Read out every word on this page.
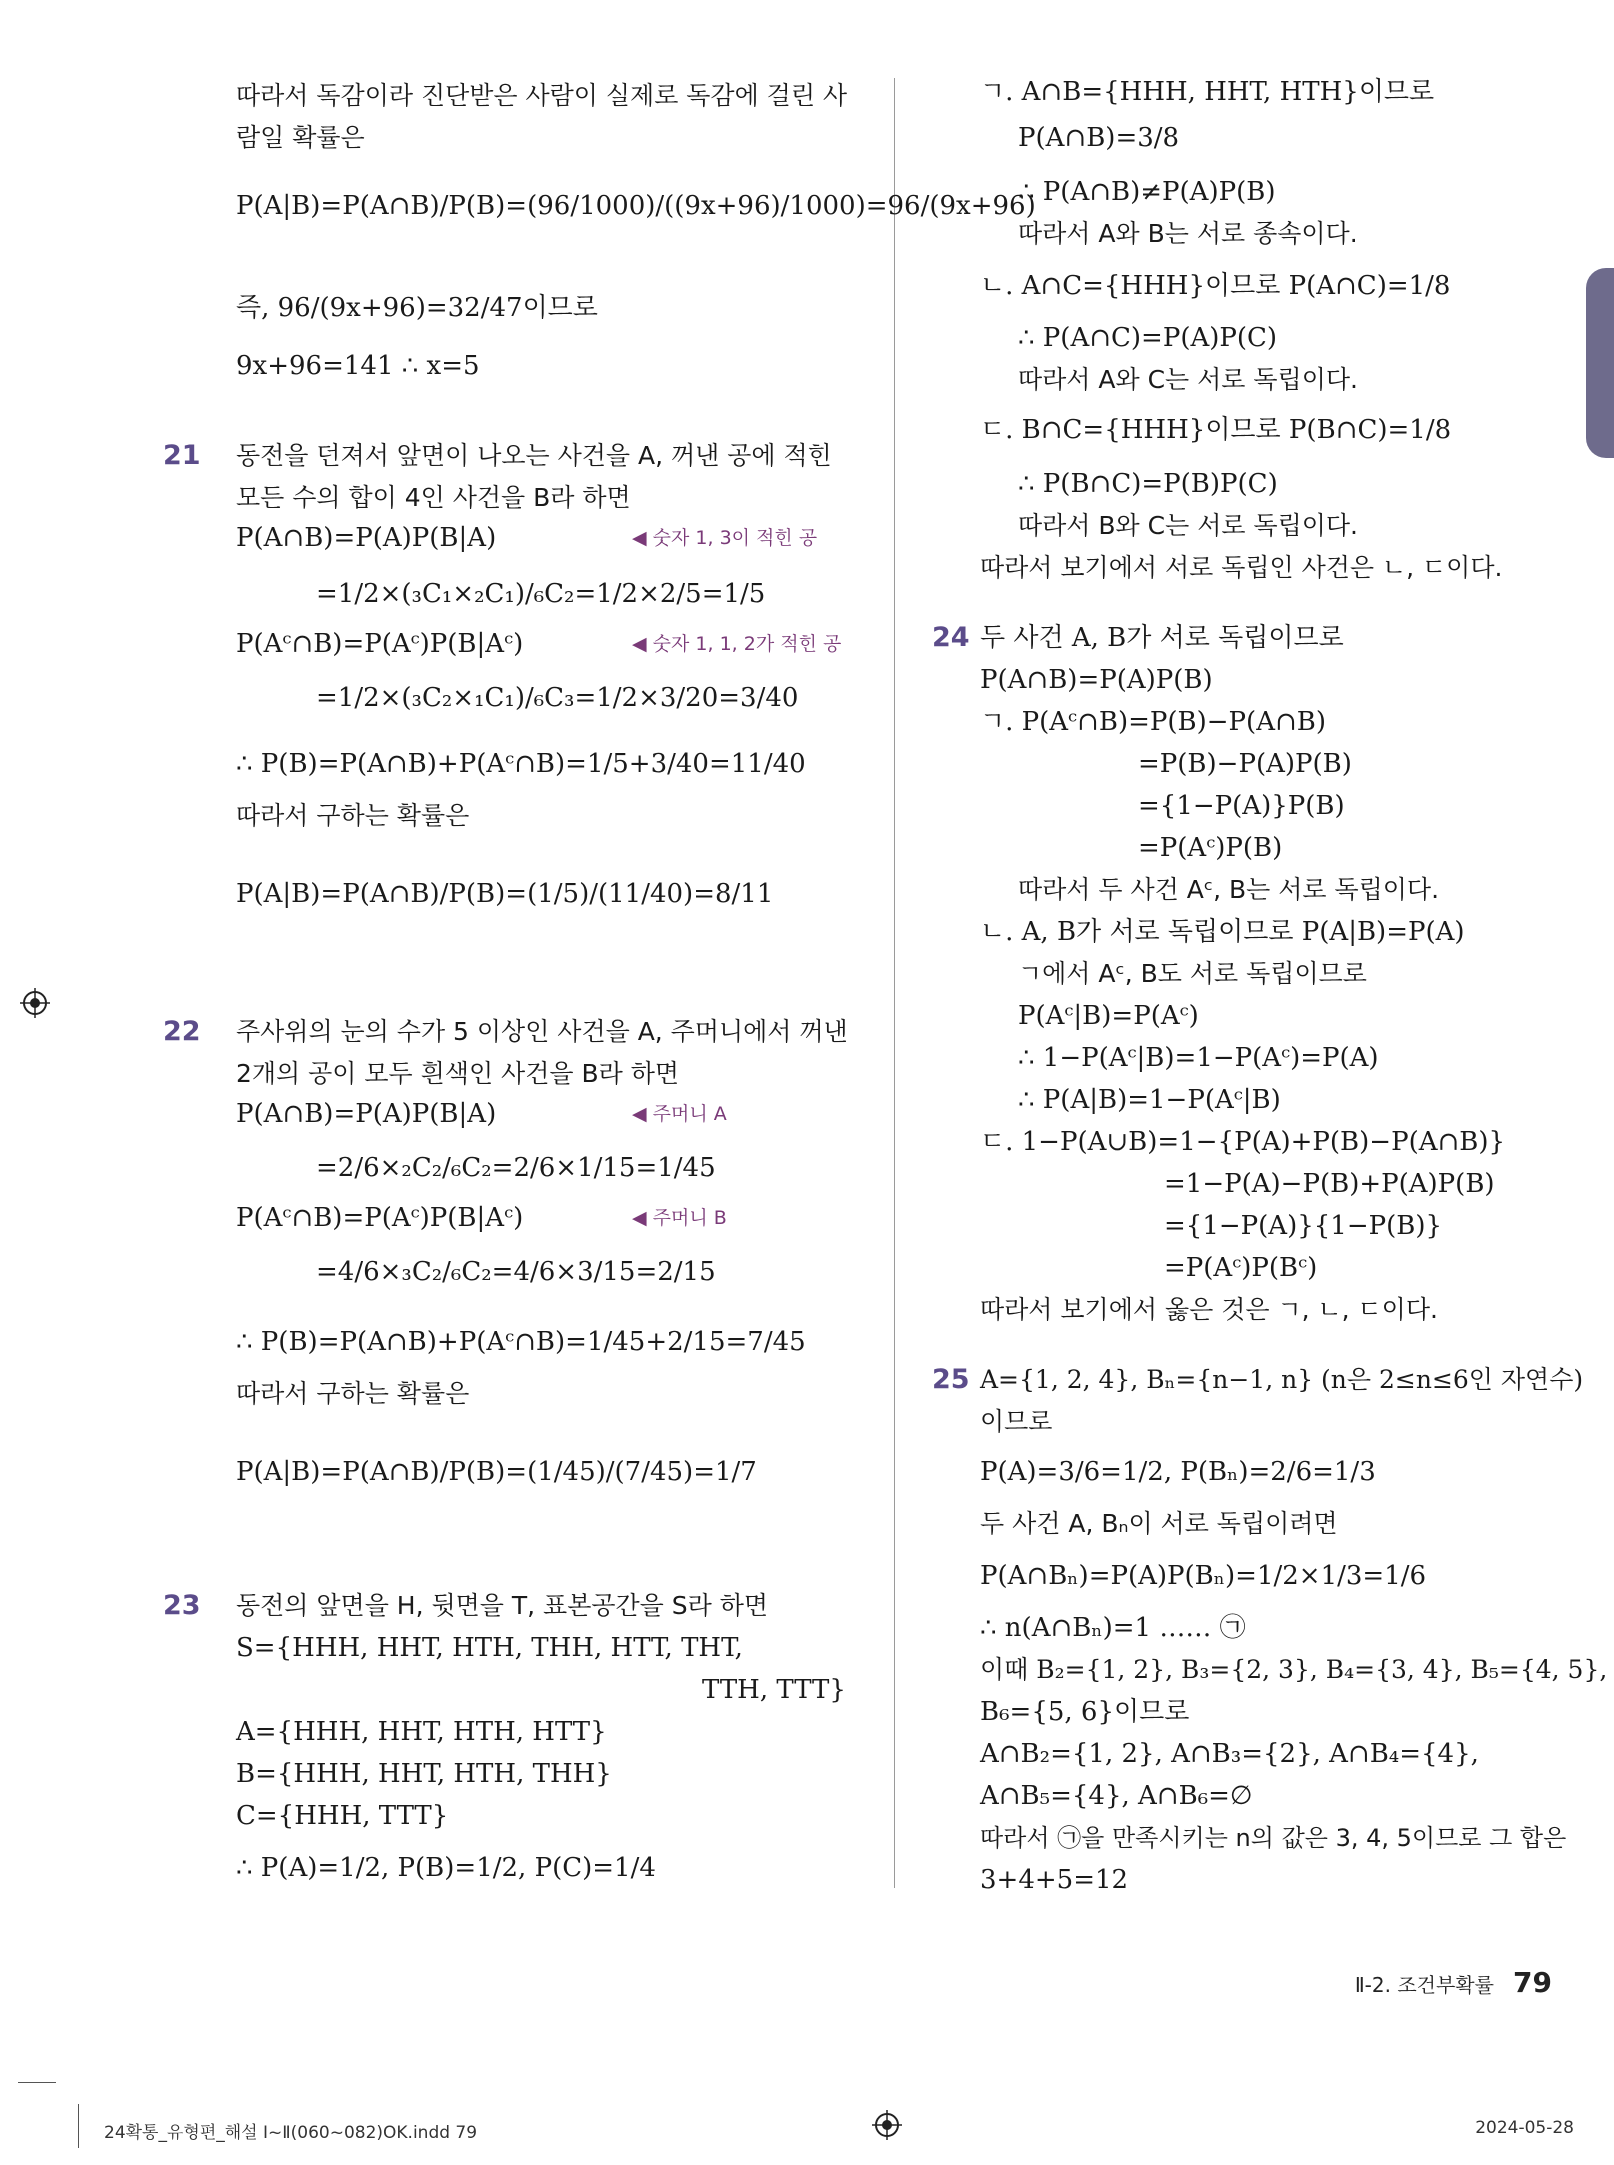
따라서 독감이라 진단받은 사람이 실제로 독감에 걸린 사
람일 확률은
P(A|B)=P(A∩B)/P(B)=(96/1000)/((9x+96)/1000)=96/(9x+96)
즉, 96/(9x+96)=32/47이므로
9x+96=141 ∴ x=5
21 동전을 던져서 앞면이 나오는 사건을 A, 꺼낸 공에 적힌
모든 수의 합이 4인 사건을 B라 하면
P(A∩B)=P(A)P(B|A)	◀ 숫자 1, 3이 적힌 공
=1/2×(₃C₁×₂C₁)/₆C₂=1/2×2/5=1/5
P(Aᶜ∩B)=P(Aᶜ)P(B|Aᶜ)	◀ 숫자 1, 1, 2가 적힌 공
=1/2×(₃C₂×₁C₁)/₆C₃=1/2×3/20=3/40
∴ P(B)=P(A∩B)+P(Aᶜ∩B)=1/5+3/40=11/40
따라서 구하는 확률은
P(A|B)=P(A∩B)/P(B)=(1/5)/(11/40)=8/11
22 주사위의 눈의 수가 5 이상인 사건을 A, 주머니에서 꺼낸
2개의 공이 모두 흰색인 사건을 B라 하면
P(A∩B)=P(A)P(B|A)	◀ 주머니 A
=2/6×₂C₂/₆C₂=2/6×1/15=1/45
P(Aᶜ∩B)=P(Aᶜ)P(B|Aᶜ)	◀ 주머니 B
=4/6×₃C₂/₆C₂=4/6×3/15=2/15
∴ P(B)=P(A∩B)+P(Aᶜ∩B)=1/45+2/15=7/45
따라서 구하는 확률은
P(A|B)=P(A∩B)/P(B)=(1/45)/(7/45)=1/7
23 동전의 앞면을 H, 뒷면을 T, 표본공간을 S라 하면
S={HHH, HHT, HTH, THH, HTT, THT,
TTH, TTT}
A={HHH, HHT, HTH, HTT}
B={HHH, HHT, HTH, THH}
C={HHH, TTT}
∴ P(A)=1/2, P(B)=1/2, P(C)=1/4
ㄱ. A∩B={HHH, HHT, HTH}이므로
P(A∩B)=3/8
∴ P(A∩B)≠P(A)P(B)
따라서 A와 B는 서로 종속이다.
ㄴ. A∩C={HHH}이므로 P(A∩C)=1/8
∴ P(A∩C)=P(A)P(C)
따라서 A와 C는 서로 독립이다.
ㄷ. B∩C={HHH}이므로 P(B∩C)=1/8
∴ P(B∩C)=P(B)P(C)
따라서 B와 C는 서로 독립이다.
따라서 보기에서 서로 독립인 사건은 ㄴ, ㄷ이다.
24 두 사건 A, B가 서로 독립이므로
P(A∩B)=P(A)P(B)
ㄱ. P(Aᶜ∩B)=P(B)−P(A∩B)
=P(B)−P(A)P(B)
={1−P(A)}P(B)
=P(Aᶜ)P(B)
따라서 두 사건 Aᶜ, B는 서로 독립이다.
ㄴ. A, B가 서로 독립이므로 P(A|B)=P(A)
ㄱ에서 Aᶜ, B도 서로 독립이므로
P(Aᶜ|B)=P(Aᶜ)
∴ 1−P(Aᶜ|B)=1−P(Aᶜ)=P(A)
∴ P(A|B)=1−P(Aᶜ|B)
ㄷ. 1−P(A∪B)=1−{P(A)+P(B)−P(A∩B)}
=1−P(A)−P(B)+P(A)P(B)
={1−P(A)}{1−P(B)}
=P(Aᶜ)P(Bᶜ)
따라서 보기에서 옳은 것은 ㄱ, ㄴ, ㄷ이다.
25 A={1, 2, 4}, Bₙ={n−1, n} (n은 2≤n≤6인 자연수)
이므로
P(A)=3/6=1/2, P(Bₙ)=2/6=1/3
두 사건 A, Bₙ이 서로 독립이려면
P(A∩Bₙ)=P(A)P(Bₙ)=1/2×1/3=1/6
∴ n(A∩Bₙ)=1 …… ㉠
이때 B₂={1, 2}, B₃={2, 3}, B₄={3, 4}, B₅={4, 5},
B₆={5, 6}이므로
A∩B₂={1, 2}, A∩B₃={2}, A∩B₄={4},
A∩B₅={4}, A∩B₆=∅
따라서 ㉠을 만족시키는 n의 값은 3, 4, 5이므로 그 합은
3+4+5=12
Ⅱ-2. 조건부확률 79
24확통_유형편_해설 Ⅰ~Ⅱ(060~082)OK.indd 79	2024-05-28
